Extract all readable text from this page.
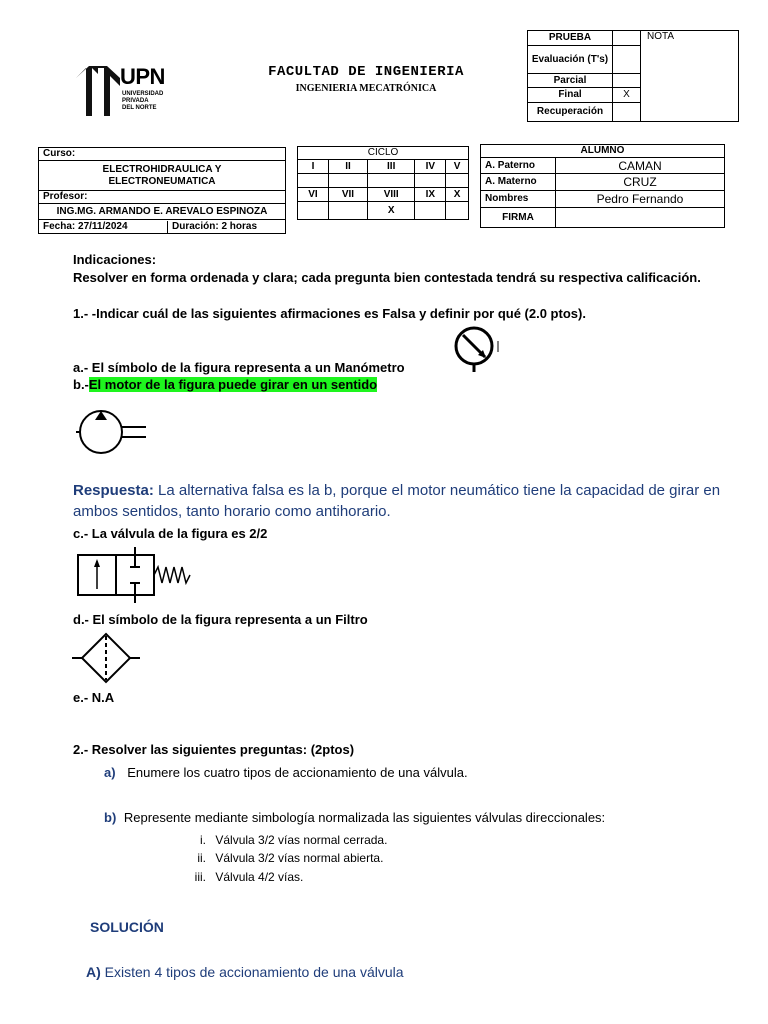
UPN
UNIVERSIDAD
PRIVADA
DEL NORTE
FACULTAD DE INGENIERIA
INGENIERIA MECATRÓNICA
PRUEBA		NOTA
Evaluación (T's)		
Parcial		
Final	X	
Recuperación		
Curso:

ELECTROHIDRAULICA Y
ELECTRONEUMATICA

Profesor:
ING.MG. ARMANDO E. AREVALO ESPINOZA

Fecha: 27/11/2024	Duración: 2 horas
CICLO				
I	II	III	IV	V

VI	VII	VIII	IX	X
		X		
ALUMNO	
A. Paterno	CAMAN
A. Materno	CRUZ
Nombres	Pedro Fernando
FIRMA	
Indicaciones:
Resolver en forma ordenada y clara; cada pregunta bien contestada tendrá su respectiva calificación.
1.- -Indicar cuál de las siguientes afirmaciones es Falsa y definir por qué (2.0 ptos).
a.- El símbolo de la figura representa a un Manómetro
b.-El motor de la figura puede girar en un sentido
Respuesta: La alternativa falsa es la b, porque el motor neumático tiene la capacidad de girar en ambos sentidos, tanto horario como antihorario.
c.- La válvula de la figura es 2/2
d.- El símbolo de la figura representa a un Filtro
e.- N.A
2.- Resolver las siguientes preguntas: (2ptos)
a) Enumere los cuatro tipos de accionamiento de una válvula.
b) Represente mediante simbología normalizada las siguientes válvulas direccionales:
i. Válvula 3/2 vías normal cerrada.
ii. Válvula 3/2 vías normal abierta.
iii. Válvula 4/2 vías.
SOLUCIÓN
A) Existen 4 tipos de accionamiento de una válvula
